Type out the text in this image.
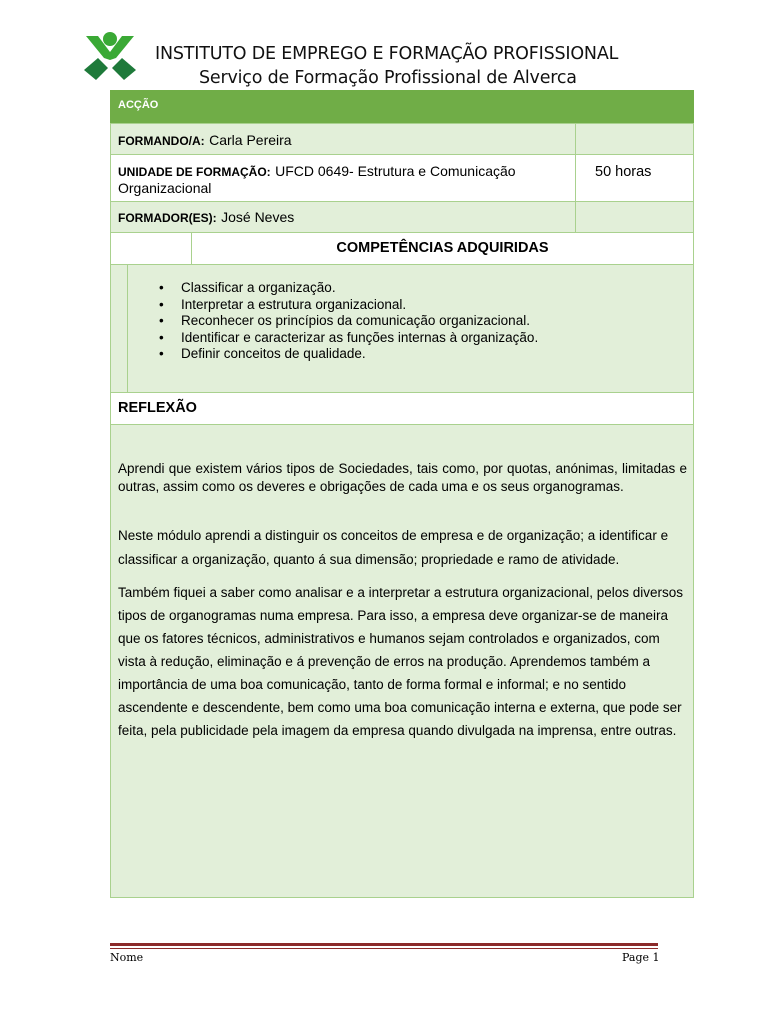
INSTITUTO DE EMPREGO E FORMAÇÃO PROFISSIONAL
Serviço de Formação Profissional de Alverca
ACÇÃO
FORMANDO/A: Carla Pereira
UNIDADE DE FORMAÇÃO: UFCD 0649- Estrutura e Comunicação
Organizacional
50 horas
FORMADOR(ES): José Neves
COMPETÊNCIAS ADQUIRIDAS
• Classificar a organização.
• Interpretar a estrutura organizacional.
• Reconhecer os princípios da comunicação organizacional.
• Identificar e caracterizar as funções internas à organização.
• Definir conceitos de qualidade.
REFLEXÃO
Aprendi que existem vários tipos de Sociedades, tais como, por quotas, anónimas, limitadas e outras, assim como os deveres e obrigações de cada uma e os seus organogramas.
Neste módulo aprendi a distinguir os conceitos de empresa e de organização; a identificar e classificar a organização, quanto á sua dimensão; propriedade e ramo de atividade.
Também fiquei a saber como analisar e a interpretar a estrutura organizacional, pelos diversos tipos de organogramas numa empresa. Para isso, a empresa deve organizar-se de maneira que os fatores técnicos, administrativos e humanos sejam controlados e organizados, com vista à redução, eliminação e á prevenção de erros na produção. Aprendemos também a importância de uma boa comunicação, tanto de forma formal e informal; e no sentido ascendente e descendente, bem como uma boa comunicação interna e externa, que pode ser feita, pela publicidade pela imagem da empresa quando divulgada na imprensa, entre outras.
Nome	Page 1
